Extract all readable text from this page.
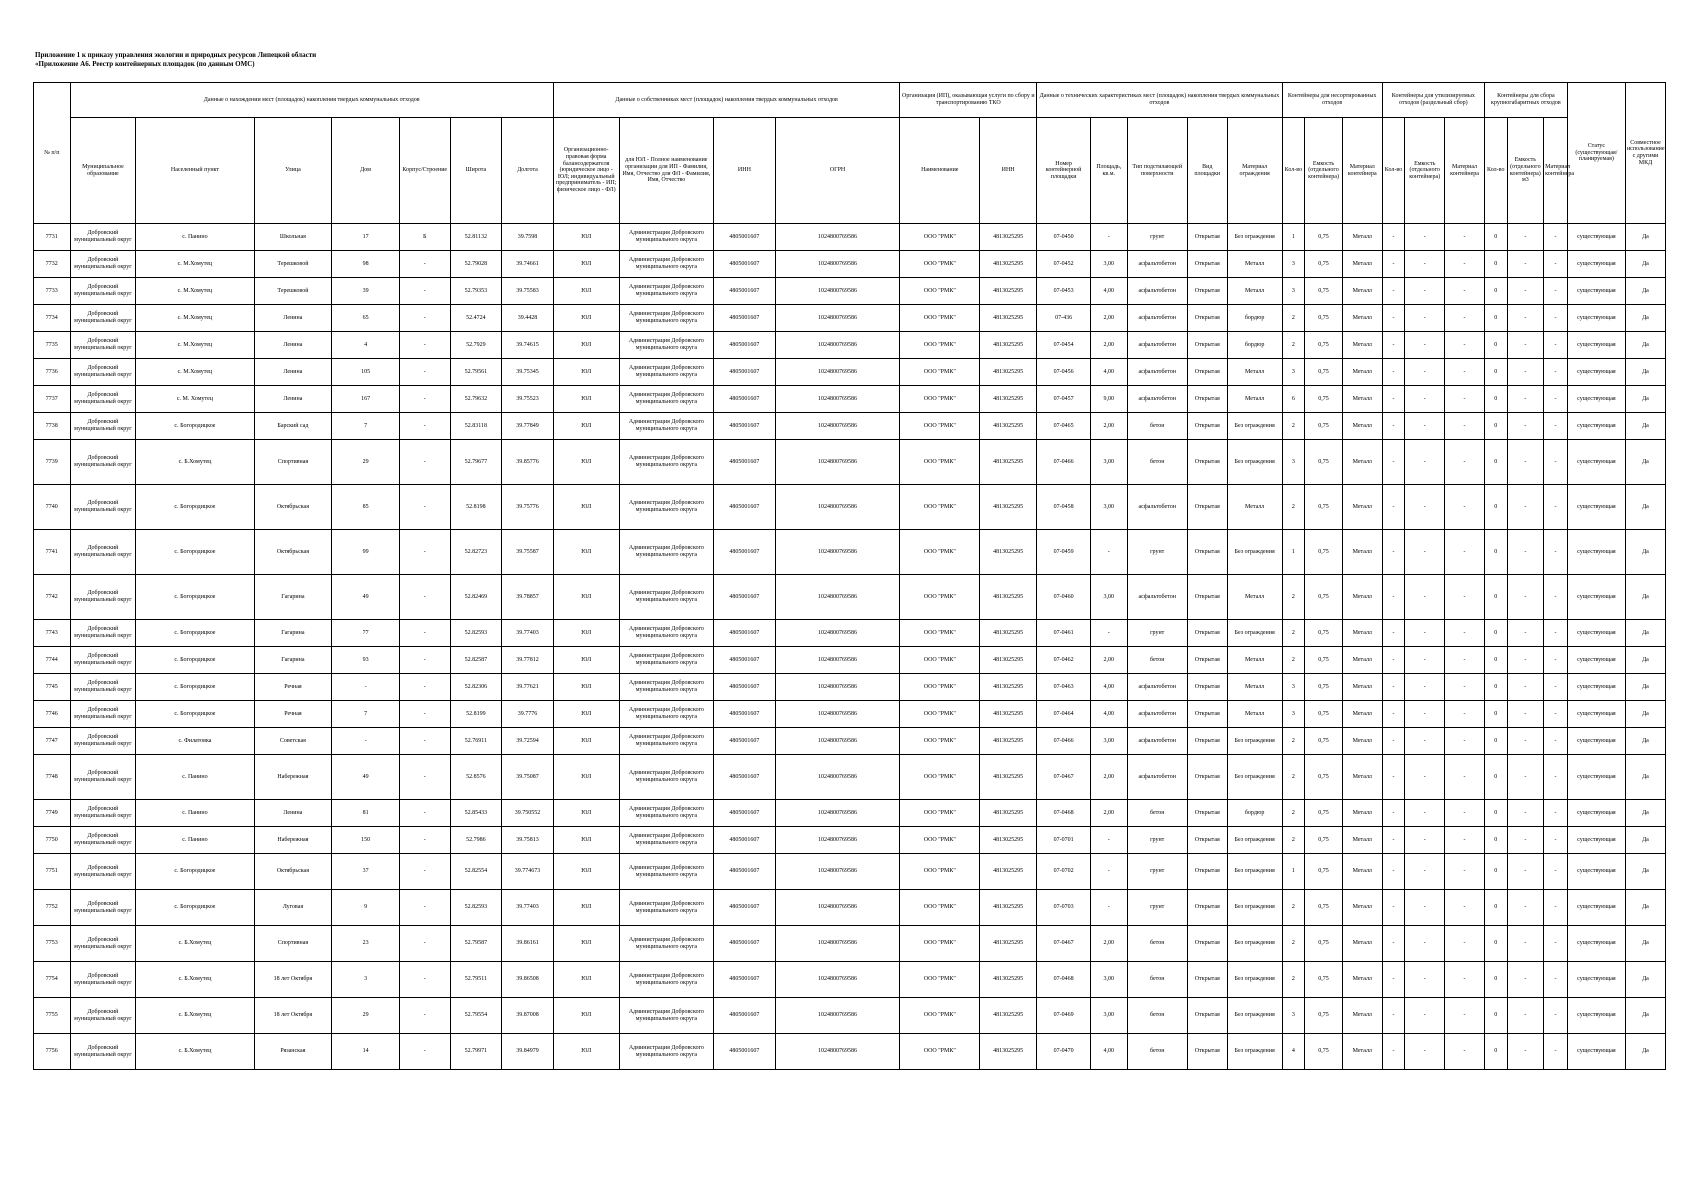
Приложение 1 к приказу управления экологии и природных ресурсов Липецкой области
«Приложение А6. Реестр контейнерных площадок (по данным ОМС)
№ п/п	Данные о нахождении мест (площадок) накопления твердых коммунальных отходов							Данные о собственниках мест (площадок) накопления твердых коммунальных отходов				Организация (ИП), оказывающая услуги по сбору и транспортированию ТКО		Данные о технических характеристиках мест (площадок) накопления твердых коммунальных отходов					Контейнеры для несортированных отходов			Контейнеры для утилизируемых отходов (раздельный сбор)			Контейнеры для сбора крупногабаритных отходов			Статус (существующая/планируемая)	Совместное использование с другими МКД
	Муниципальное образование	Населенный пункт	Улица	Дом	Корпус/Строение	Широта	Долгота	Организационно-правовая форма балансодержателя (юридическое лицо - ЮЛ; индивидуальный предприниматель - ИП; физическое лицо - ФЛ)	для ЮЛ - Полное наименование организации для ИП - Фамилия, Имя, Отчество для ФЛ - Фамилия, Имя, Отчество	ИНН	ОГРН	Наименование	ИНН	Номер контейнерной площадки	Площадь, кв.м.	Тип подстилающей поверхности	Вид площадки	Материал ограждения	Кол-во	Емкость (отдельного контейнера)	Материал контейнера	Кол-во	Емкость (отдельного контейнера)	Материал контейнера	Кол-во	Емкость (отдельного контейнера) м3	Материал контейнера		
7731	Добровский муниципальный округ	с. Панино	Школьная	17	Б	52.81132	39.7598	ЮЛ	Администрация Добровского муниципального округа	4805001607	1024800769586	ООО "РМК"	4813025295	07-0450	-	грунт	Открытая	Без ограждения	1	0,75	Металл	-	-	-	0	-	-	существующая	Да
7732	Добровский муниципальный округ	с. М.Хомутец	Терешковой	98	-	52.79028	39.74661	ЮЛ	Администрация Добровского муниципального округа	4805001607	1024800769586	ООО "РМК"	4813025295	07-0452	3,00	асфальтобетон	Открытая	Металл	3	0,75	Металл	-	-	-	0	-	-	существующая	Да
7733	Добровский муниципальный округ	с. М.Хомутец	Терешковой	39	-	52.79353	39.75583	ЮЛ	Администрация Добровского муниципального округа	4805001607	1024800769586	ООО "РМК"	4813025295	07-0453	4,00	асфальтобетон	Открытая	Металл	3	0,75	Металл	-	-	-	0	-	-	существующая	Да
7734	Добровский муниципальный округ	с. М.Хомутец	Ленина	65	-	52.4724	39.4428	ЮЛ	Администрация Добровского муниципального округа	4805001607	1024800769586	ООО "РМК"	4813025295	07-436	2,00	асфальтобетон	Открытая	бордюр	2	0,75	Металл	-	-	-	0	-	-	существующая	Да
7735	Добровский муниципальный округ	с. М.Хомутец	Ленина	4	-	52.7929	39.74615	ЮЛ	Администрация Добровского муниципального округа	4805001607	1024800769586	ООО "РМК"	4813025295	07-0454	2,00	асфальтобетон	Открытая	бордюр	2	0,75	Металл	-	-	-	0	-	-	существующая	Да
7736	Добровский муниципальный округ	с. М.Хомутец	Ленина	105	-	52.79561	39.75345	ЮЛ	Администрация Добровского муниципального округа	4805001607	1024800769586	ООО "РМК"	4813025295	07-0456	4,00	асфальтобетон	Открытая	Металл	3	0,75	Металл	-	-	-	0	-	-	существующая	Да
7737	Добровский муниципальный округ	с. М. Хомутец	Ленина	167	-	52.79632	39.75523	ЮЛ	Администрация Добровского муниципального округа	4805001607	1024800769586	ООО "РМК"	4813025295	07-0457	9,00	асфальтобетон	Открытая	Металл	6	0,75	Металл	-	-	-	0	-	-	существующая	Да
7738	Добровский муниципальный округ	с. Богородицкое	Барский сад	7	-	52.83118	39.77849	ЮЛ	Администрация Добровского муниципального округа	4805001607	1024800769586	ООО "РМК"	4813025295	07-0465	2,00	бетон	Открытая	Без ограждения	2	0,75	Металл	-	-	-	0	-	-	существующая	Да
7739	Добровский муниципальный округ	с. Б.Хомутец	Спортивная	29	-	52.79677	39.85776	ЮЛ	Администрация Добровского муниципального округа	4805001607	1024800769586	ООО "РМК"	4813025295	07-0466	3,00	бетон	Открытая	Без ограждения	3	0,75	Металл	-	-	-	0	-	-	существующая	Да
7740	Добровский муниципальный округ	с. Богородицкое	Октябрьская	85	-	52.8198	39.75776	ЮЛ	Администрация Добровского муниципального округа	4805001607	1024800769586	ООО "РМК"	4813025295	07-0458	3,00	асфальтобетон	Открытая	Металл	2	0,75	Металл	-	-	-	0	-	-	существующая	Да
7741	Добровский муниципальный округ	с. Богородицкое	Октябрьская	99	-	52.82723	39.75587	ЮЛ	Администрация Добровского муниципального округа	4805001607	1024800769586	ООО "РМК"	4813025295	07-0459	-	грунт	Открытая	Без ограждения	1	0,75	Металл	-	-	-	0	-	-	существующая	Да
7742	Добровский муниципальный округ	с. Богородицкое	Гагарина	49	-	52.82469	39.78857	ЮЛ	Администрация Добровского муниципального округа	4805001607	1024800769586	ООО "РМК"	4813025295	07-0460	3,00	асфальтобетон	Открытая	Металл	2	0,75	Металл	-	-	-	0	-	-	существующая	Да
7743	Добровский муниципальный округ	с. Богородицкое	Гагарина	77	-	52.82593	39.77403	ЮЛ	Администрация Добровского муниципального округа	4805001607	1024800769586	ООО "РМК"	4813025295	07-0461	-	грунт	Открытая	Без ограждения	2	0,75	Металл	-	-	-	0	-	-	существующая	Да
7744	Добровский муниципальный округ	с. Богородицкое	Гагарина	93	-	52.82587	39.77812	ЮЛ	Администрация Добровского муниципального округа	4805001607	1024800769586	ООО "РМК"	4813025295	07-0462	2,00	бетон	Открытая	Металл	2	0,75	Металл	-	-	-	0	-	-	существующая	Да
7745	Добровский муниципальный округ	с. Богородицкое	Речная	-	-	52.82306	39.77621	ЮЛ	Администрация Добровского муниципального округа	4805001607	1024800769586	ООО "РМК"	4813025295	07-0463	4,00	асфальтобетон	Открытая	Металл	3	0,75	Металл	-	-	-	0	-	-	существующая	Да
7746	Добровский муниципальный округ	с. Богородицкое	Речная	7	-	52.8199	39.7776	ЮЛ	Администрация Добровского муниципального округа	4805001607	1024800769586	ООО "РМК"	4813025295	07-0464	4,00	асфальтобетон	Открытая	Металл	3	0,75	Металл	-	-	-	0	-	-	существующая	Да
7747	Добровский муниципальный округ	с. Филатовка	Советская	-	-	52.76911	39.72594	ЮЛ	Администрация Добровского муниципального округа	4805001607	1024800769586	ООО "РМК"	4813025295	07-0466	3,00	асфальтобетон	Открытая	Без ограждения	2	0,75	Металл	-	-	-	0	-	-	существующая	Да
7748	Добровский муниципальный округ	с. Панино	Набережная	49	-	52.8576	39.75087	ЮЛ	Администрация Добровского муниципального округа	4805001607	1024800769586	ООО "РМК"	4813025295	07-0467	2,00	асфальтобетон	Открытая	Без ограждения	2	0,75	Металл	-	-	-	0	-	-	существующая	Да
7749	Добровский муниципальный округ	с. Панино	Ленина	81	-	52.85433	39.750552	ЮЛ	Администрация Добровского муниципального округа	4805001607	1024800769586	ООО "РМК"	4813025295	07-0468	2,00	бетон	Открытая	бордюр	2	0,75	Металл	-	-	-	0	-	-	существующая	Да
7750	Добровский муниципальный округ	с. Панино	Набережная	150	-	52.7986	39.75813	ЮЛ	Администрация Добровского муниципального округа	4805001607	1024800769586	ООО "РМК"	4813025295	07-0701	-	грунт	Открытая	Без ограждения	2	0,75	Металл	-	-	-	0	-	-	существующая	Да
7751	Добровский муниципальный округ	с. Богородицкое	Октябрьская	37	-	52.82554	39.774673	ЮЛ	Администрация Добровского муниципального округа	4805001607	1024800769586	ООО "РМК"	4813025295	07-0702	-	грунт	Открытая	Без ограждения	1	0,75	Металл	-	-	-	0	-	-	существующая	Да
7752	Добровский муниципальный округ	с. Богородицкое	Луговая	9	-	52.82593	39.77403	ЮЛ	Администрация Добровского муниципального округа	4805001607	1024800769586	ООО "РМК"	4813025295	07-0703	-	грунт	Открытая	Без ограждения	2	0,75	Металл	-	-	-	0	-	-	существующая	Да
7753	Добровский муниципальный округ	с. Б.Хомутец	Спортивная	23	-	52.79587	39.86161	ЮЛ	Администрация Добровского муниципального округа	4805001607	1024800769586	ООО "РМК"	4813025295	07-0467	2,00	бетон	Открытая	Без ограждения	2	0,75	Металл	-	-	-	0	-	-	существующая	Да
7754	Добровский муниципальный округ	с. Б.Хомутец	18 лет Октября	3	-	52.79511	39.86508	ЮЛ	Администрация Добровского муниципального округа	4805001607	1024800769586	ООО "РМК"	4813025295	07-0468	3,00	бетон	Открытая	Без ограждения	2	0,75	Металл	-	-	-	0	-	-	существующая	Да
7755	Добровский муниципальный округ	с. Б.Хомутец	18 лет Октября	29	-	52.79554	39.87008	ЮЛ	Администрация Добровского муниципального округа	4805001607	1024800769586	ООО "РМК"	4813025295	07-0469	3,00	бетон	Открытая	Без ограждения	3	0,75	Металл	-	-	-	0	-	-	существующая	Да
7756	Добровский муниципальный округ	с. Б.Хомутец	Рязанская	14	-	52.79971	39.84979	ЮЛ	Администрация Добровского муниципального округа	4805001607	1024800769586	ООО "РМК"	4813025295	07-0470	4,00	бетон	Открытая	Без ограждения	4	0,75	Металл	-	-	-	0	-	-	существующая	Да
